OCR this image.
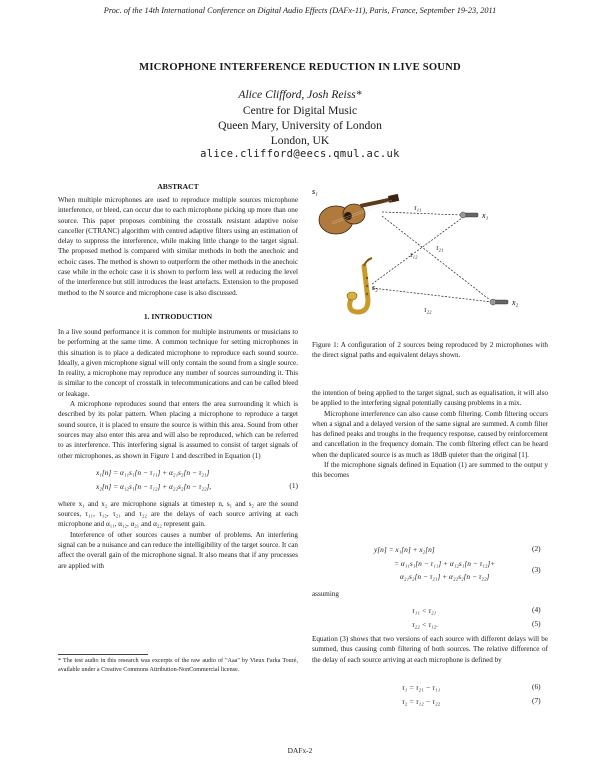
Proc. of the 14th International Conference on Digital Audio Effects (DAFx-11), Paris, France, September 19-23, 2011
MICROPHONE INTERFERENCE REDUCTION IN LIVE SOUND
Alice Clifford, Josh Reiss*
Centre for Digital Music
Queen Mary, University of London
London, UK
alice.clifford@eecs.qmul.ac.uk
ABSTRACT

When multiple microphones are used to reproduce multiple sources microphone interference, or bleed, can occur due to each microphone picking up more than one source. This paper proposes combining the crosstalk resistant adaptive noise canceller (CTRANC) algorithm with centred adaptive filters using an estimation of delay to suppress the interference, while making little change to the target signal. The proposed method is compared with similar methods in both the anechoic and echoic cases. The method is shown to outperform the other methods in the anechoic case while in the echoic case it is shown to perform less well at reducing the level of the interference but still introduces the least artefacts. Extension to the proposed method to the N source and microphone case is also discussed.

1. INTRODUCTION

In a live sound performance it is common for multiple instruments or musicians to be performing at the same time. A common technique for setting microphones in this situation is to place a dedicated microphone to reproduce each sound source. Ideally, a given microphone signal will only contain the sound from a single source. In reality, a microphone may reproduce any number of sources surrounding it. This is similar to the concept of crosstalk in telecommunications and can be called bleed or leakage.

A microphone reproduces sound that enters the area surrounding it which is described by its polar pattern. When placing a microphone to reproduce a target sound source, it is placed to ensure the source is within this area. Sound from other sources may also enter this area and will also be reproduced, which can be referred to as interference. This interfering signal is assumed to consist of target signals of other microphones, as shown in Figure 1 and described in Equation (1)

x₁[n] = α₁₁s₁[n − τ₁₁] + α₂₁s₂[n − τ₂₁]
x₂[n] = α₁₂s₁[n − τ₁₂] + α₂₂s₂[n − τ₂₂],	(1)

where x₁ and x₂ are microphone signals at timestep n, s₁ and s₂ are the sound sources, τ₁₁, τ₁₂, τ₂₁ and τ₂₂ are the delays of each source arriving at each microphone and α₁₁, α₁₂, α₂₁ and α₂₂ represent gain.

Interference of other sources causes a number of problems. An interfering signal can be a nuisance and can reduce the intelligibility of the target source. It can affect the overall gain of the microphone signal. It also means that if any processes are applied with

* The test audio in this research was excerpts of the raw audio of "Aaa" by Vieux Farka Touré, available under a Creative Commons Attribution-NonCommercial license.
s₁
s₂
x₁
x₂
τ₁₁
τ₁₂
τ₂₁
τ₂₂
Figure 1: A configuration of 2 sources being reproduced by 2 microphones with the direct signal paths and equivalent delays shown.

the intention of being applied to the target signal, such as equalisation, it will also be applied to the interfering signal potentially causing problems in a mix.

Microphone interference can also cause comb filtering. Comb filtering occurs when a signal and a delayed version of the same signal are summed. A comb filter has defined peaks and troughs in the frequency response, caused by reinforcement and cancellation in the frequency domain. The comb filtering effect can be heard when the duplicated source is as much as 18dB quieter than the original [1].

If the microphone signals defined in Equation (1) are summed to the output y this becomes

y[n] = x₁[n] + x₂[n]	(2)
= α₁₁s₁[n − τ₁₁] + α₁₂s₁[n − τ₁₂]+
α₂₁s₂[n − τ₂₁] + α₂₂s₂[n − τ₂₂]
(3)
assuming
τ₁₁ < τ₂₁	(4)
τ₂₂ < τ₁₂.	(5)
Equation (3) shows that two versions of each source with different delays will be summed, thus causing comb filtering of both sources. The relative difference of the delay of each source arriving at each microphone is defined by
τ₁ = τ₂₁ − τ₁₁	(6)
τ₂ = τ₁₂ − τ₂₂	(7)
DAFx-2
